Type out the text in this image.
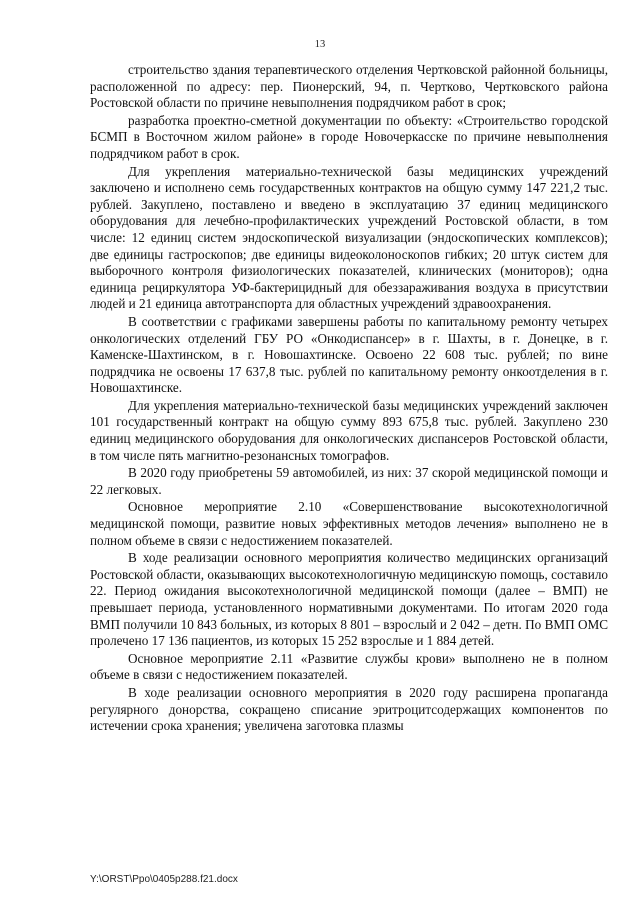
13

строительство здания терапевтического отделения Чертковской районной больницы, расположенной по адресу: пер. Пионерский, 94, п. Чертково, Чертковского района Ростовской области по причине невыполнения подрядчиком работ в срок;

разработка проектно-сметной документации по объекту: «Строительство городской БСМП в Восточном жилом районе» в городе Новочеркасске по причине невыполнения подрядчиком работ в срок.

Для укрепления материально-технической базы медицинских учреждений заключено и исполнено семь государственных контрактов на общую сумму 147 221,2 тыс. рублей. Закуплено, поставлено и введено в эксплуатацию 37 единиц медицинского оборудования для лечебно-профилактических учреждений Ростовской области, в том числе: 12 единиц систем эндоскопической визуализации (эндоскопических комплексов); две единицы гастроскопов; две единицы видеоколоноскопов гибких; 20 штук систем для выборочного контроля физиологических показателей, клинических (мониторов); одна единица рециркулятора УФ-бактерицидный для обеззараживания воздуха в присутствии людей и 21 единица автотранспорта для областных учреждений здравоохранения.

В соответствии с графиками завершены работы по капитальному ремонту четырех онкологических отделений ГБУ РО «Онкодиспансер» в г. Шахты, в г. Донецке, в г. Каменске-Шахтинском, в г. Новошахтинске. Освоено 22 608 тыс. рублей; по вине подрядчика не освоены 17 637,8 тыс. рублей по капитальному ремонту онкоотделения в г. Новошахтинске.

Для укрепления материально-технической базы медицинских учреждений заключен 101 государственный контракт на общую сумму 893 675,8 тыс. рублей. Закуплено 230 единиц медицинского оборудования для онкологических диспансеров Ростовской области, в том числе пять магнитно-резонансных томографов.

В 2020 году приобретены 59 автомобилей, из них: 37 скорой медицинской помощи и 22 легковых.

Основное мероприятие 2.10 «Совершенствование высокотехнологичной медицинской помощи, развитие новых эффективных методов лечения» выполнено не в полном объеме в связи с недостижением показателей.

В ходе реализации основного мероприятия количество медицинских организаций Ростовской области, оказывающих высокотехнологичную медицинскую помощь, составило 22. Период ожидания высокотехнологичной медицинской помощи (далее – ВМП) не превышает периода, установленного нормативными документами. По итогам 2020 года ВМП получили 10 843 больных, из которых 8 801 – взрослый и 2 042 – детн. По ВМП ОМС пролечено 17 136 пациентов, из которых 15 252 взрослые и 1 884 детей.

Основное мероприятие 2.11 «Развитие службы крови» выполнено не в полном объеме в связи с недостижением показателей.

В ходе реализации основного мероприятия в 2020 году расширена пропаганда регулярного донорства, сокращено списание эритроцитсодержащих компонентов по истечении срока хранения; увеличена заготовка плазмы

Y:\ORST\Ppo\0405p288.f21.docx
